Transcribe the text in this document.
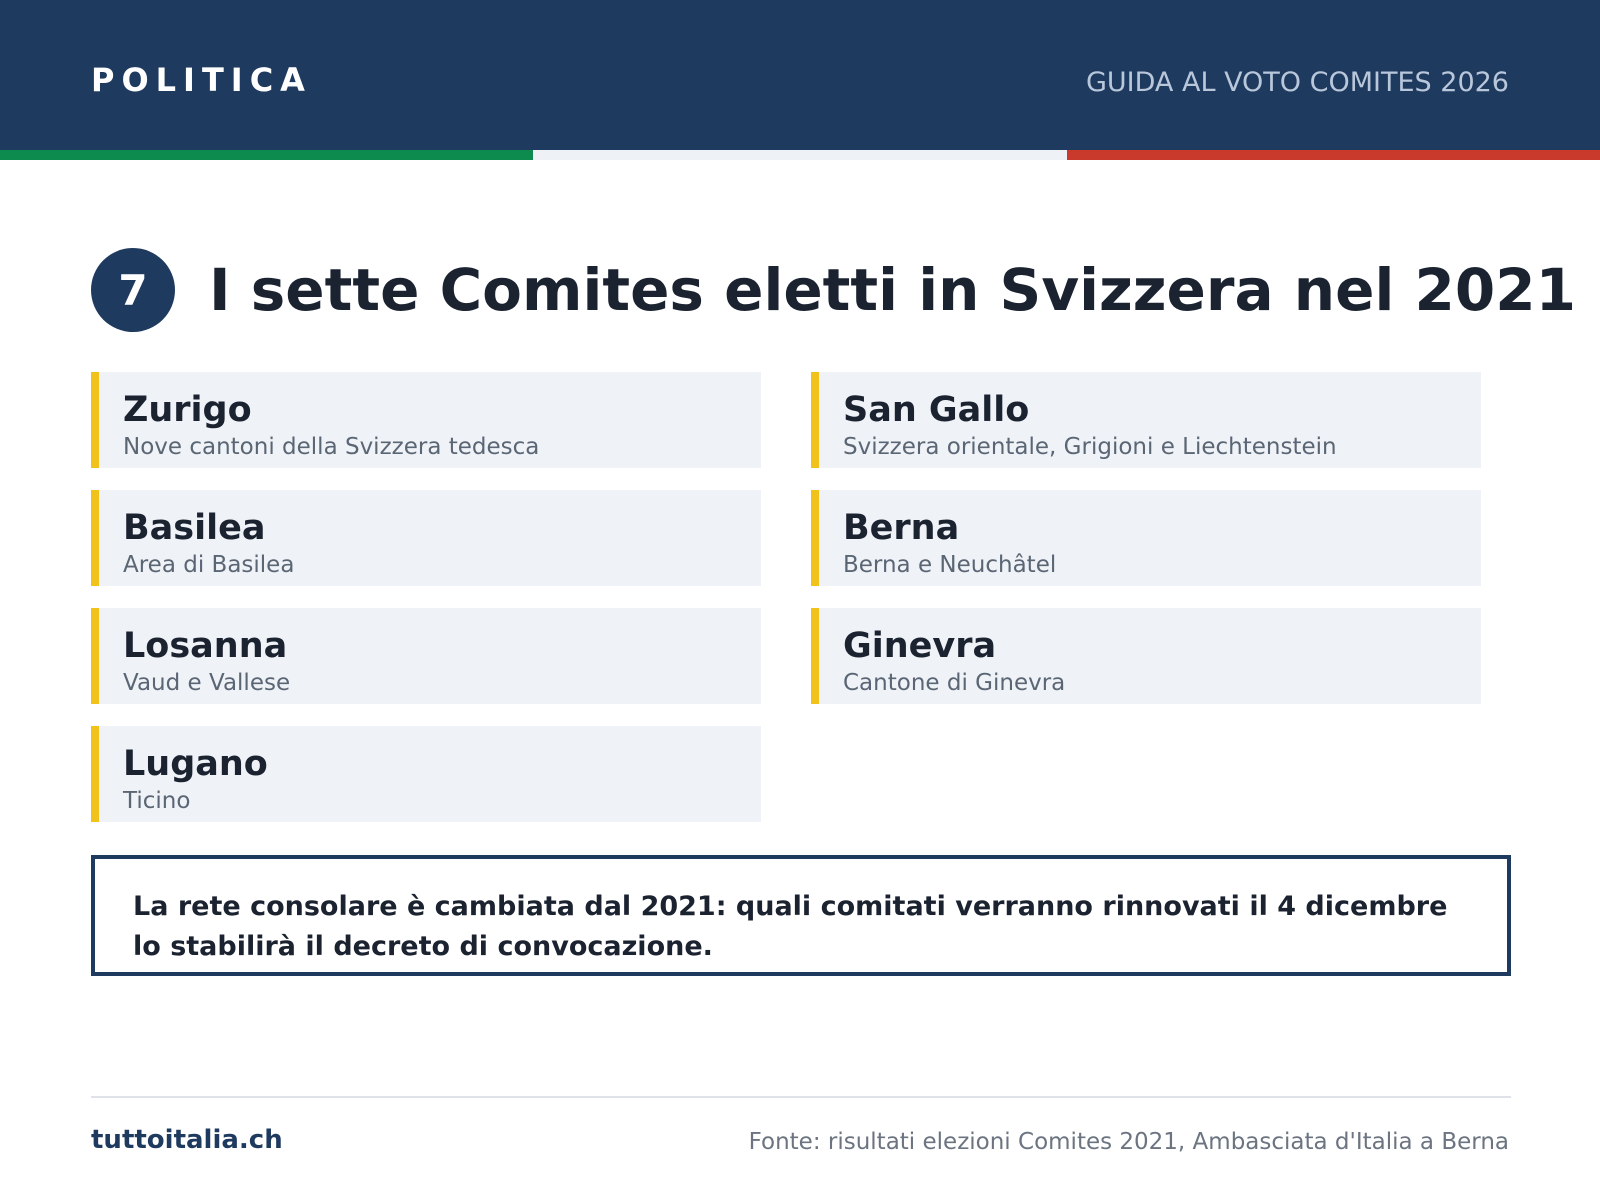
POLITICA	GUIDA AL VOTO COMITES 2026
7	I sette Comites eletti in Svizzera nel 2021
Zurigo
Nove cantoni della Svizzera tedesca
San Gallo
Svizzera orientale, Grigioni e Liechtenstein
Basilea
Area di Basilea
Berna
Berna e Neuchâtel
Losanna
Vaud e Vallese
Ginevra
Cantone di Ginevra
Lugano
Ticino
La rete consolare è cambiata dal 2021: quali comitati verranno rinnovati il 4 dicembre lo stabilirà il decreto di convocazione.
tuttoitalia.ch	Fonte: risultati elezioni Comites 2021, Ambasciata d'Italia a Berna
